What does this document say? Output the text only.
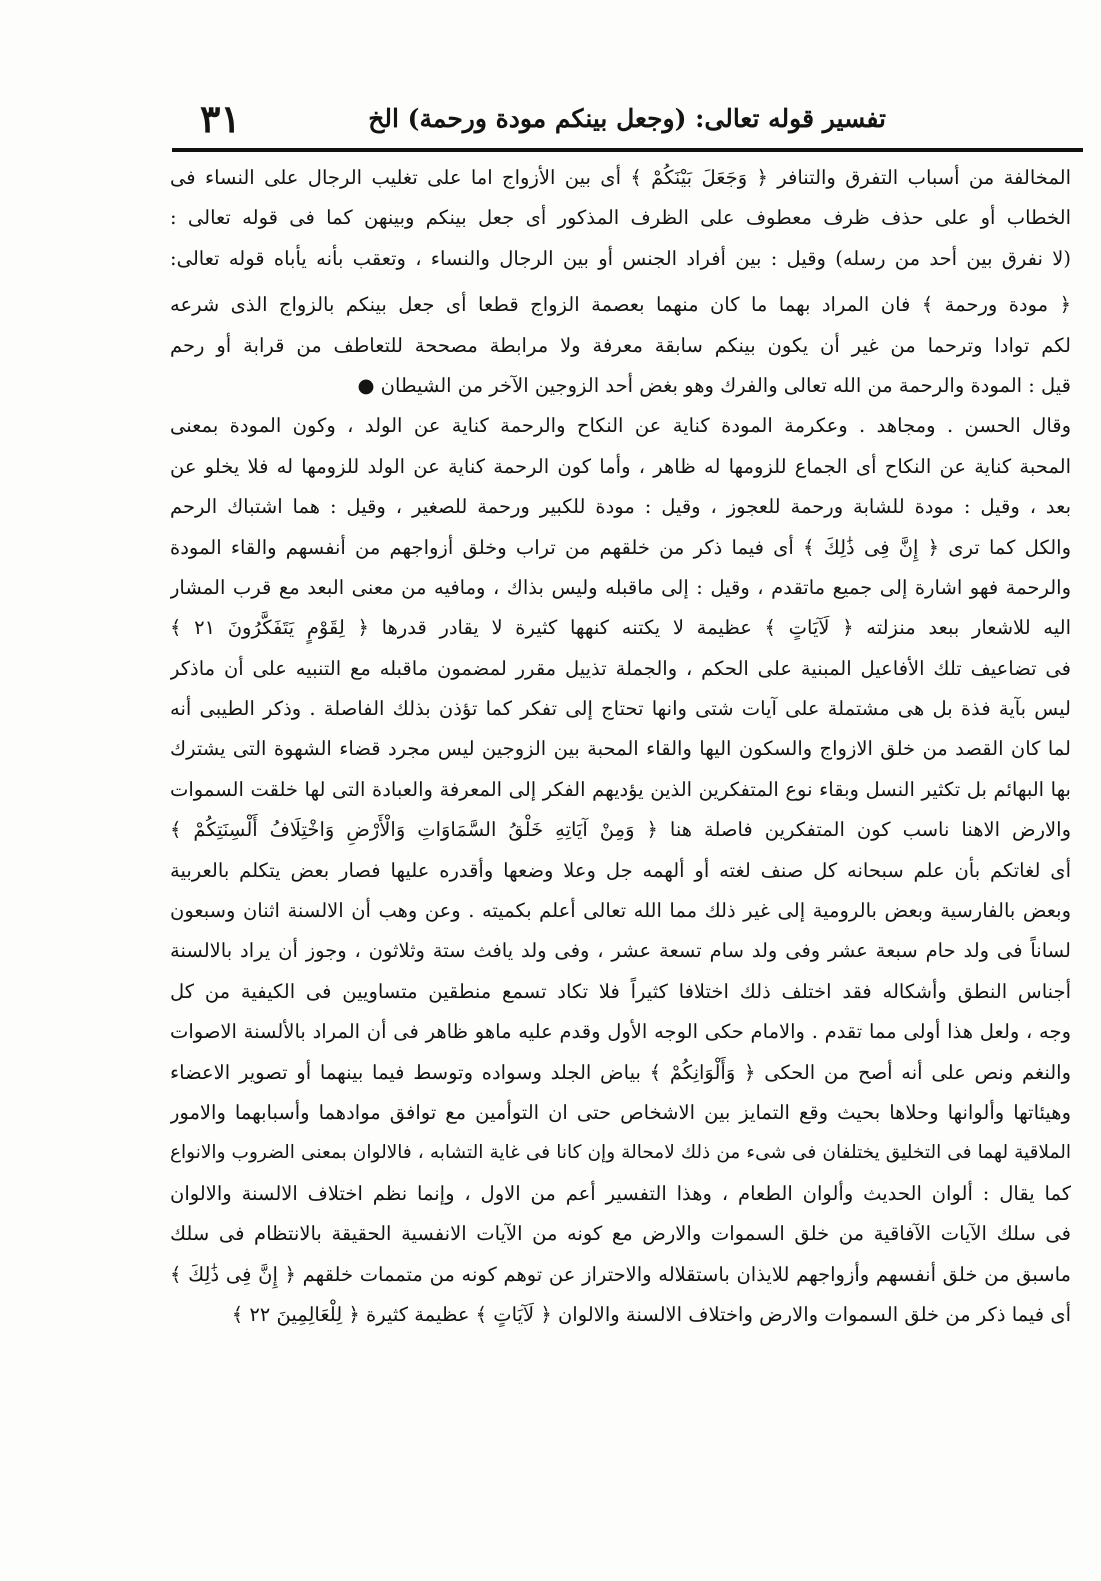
تفسير قوله تعالى: (وجعل بينكم مودة ورحمة) الخ
٣١
المخالفة من أسباب التفرق والتنافر ﴿ وَجَعَلَ بَيْنَكُمْ ﴾ أى بين الأزواج اما على تغليب الرجال على النساء فى
الخطاب أو على حذف ظرف معطوف على الظرف المذكور أى جعل بينكم وبينهن كما فى قوله تعالى :
(لا نفرق بين أحد من رسله) وقيل : بين أفراد الجنس أو بين الرجال والنساء ، وتعقب بأنه يأباه قوله تعالى:
﴿ مودة ورحمة ﴾ فان المراد بهما ما كان منهما بعصمة الزواج قطعا أى جعل بينكم بالزواج الذى شرعه
لكم توادا وترحما من غير أن يكون بينكم سابقة معرفة ولا مرابطة مصححة للتعاطف من قرابة أو رحم
قيل : المودة والرحمة من الله تعالى والفرك وهو بغض أحد الزوجين الآخر من الشيطان ●
وقال الحسن . ومجاهد . وعكرمة المودة كناية عن النكاح والرحمة كناية عن الولد ، وكون المودة بمعنى
المحبة كناية عن النكاح أى الجماع للزومها له ظاهر ، وأما كون الرحمة كناية عن الولد للزومها له فلا يخلو عن
بعد ، وقيل : مودة للشابة ورحمة للعجوز ، وقيل : مودة للكبير ورحمة للصغير ، وقيل : هما اشتباك الرحم
والكل كما ترى ﴿ إِنَّ فِى ذَٰلِكَ ﴾ أى فيما ذكر من خلقهم من تراب وخلق أزواجهم من أنفسهم والقاء المودة
والرحمة فهو اشارة إلى جميع ماتقدم ، وقيل : إلى ماقبله وليس بذاك ، ومافيه من معنى البعد مع قرب المشار
اليه للاشعار ببعد منزلته ﴿ لَآيَاتٍ ﴾ عظيمة لا يكتنه كنهها كثيرة لا يقادر قدرها ﴿ لِقَوْمٍ يَتَفَكَّرُونَ ٢١ ﴾
فى تضاعيف تلك الأفاعيل المبنية على الحكم ، والجملة تذييل مقرر لمضمون ماقبله مع التنبيه على أن ماذكر
ليس بآية فذة بل هى مشتملة على آيات شتى وانها تحتاج إلى تفكر كما تؤذن بذلك الفاصلة . وذكر الطيبى أنه
لما كان القصد من خلق الازواج والسكون اليها والقاء المحبة بين الزوجين ليس مجرد قضاء الشهوة التى يشترك
بها البهائم بل تكثير النسل وبقاء نوع المتفكرين الذين يؤديهم الفكر إلى المعرفة والعبادة التى لها خلقت السموات
والارض الاهنا ناسب كون المتفكرين فاصلة هنا ﴿ وَمِنْ آيَاتِهِ خَلْقُ السَّمَاوَاتِ وَالْأَرْضِ وَاخْتِلَافُ أَلْسِنَتِكُمْ ﴾
أى لغاتكم بأن علم سبحانه كل صنف لغته أو ألهمه جل وعلا وضعها وأقدره عليها فصار بعض يتكلم بالعربية
وبعض بالفارسية وبعض بالرومية إلى غير ذلك مما الله تعالى أعلم بكميته . وعن وهب أن الالسنة اثنان وسبعون
لساناً فى ولد حام سبعة عشر وفى ولد سام تسعة عشر ، وفى ولد يافث ستة وثلاثون ، وجوز أن يراد بالالسنة
أجناس النطق وأشكاله فقد اختلف ذلك اختلافا كثيراً فلا تكاد تسمع منطقين متساويين فى الكيفية من كل
وجه ، ولعل هذا أولى مما تقدم . والامام حكى الوجه الأول وقدم عليه ماهو ظاهر فى أن المراد بالألسنة الاصوات
والنغم ونص على أنه أصح من الحكى ﴿ وَأَلْوَانِكُمْ ﴾ بياض الجلد وسواده وتوسط فيما بينهما أو تصوير الاعضاء
وهيئاتها وألوانها وحلاها بحيث وقع التمايز بين الاشخاص حتى ان التوأمين مع توافق موادهما وأسبابهما والامور
الملاقية لهما فى التخليق يختلفان فى شىء من ذلك لامحالة وإن كانا فى غاية التشابه ، فالالوان بمعنى الضروب والانواع
كما يقال : ألوان الحديث وألوان الطعام ، وهذا التفسير أعم من الاول ، وإنما نظم اختلاف الالسنة والالوان
فى سلك الآيات الآفاقية من خلق السموات والارض مع كونه من الآيات الانفسية الحقيقة بالانتظام فى سلك
ماسبق من خلق أنفسهم وأزواجهم للايذان باستقلاله والاحتراز عن توهم كونه من متممات خلقهم ﴿ إِنَّ فِى ذَٰلِكَ ﴾
أى فيما ذكر من خلق السموات والارض واختلاف الالسنة والالوان ﴿ لَآيَاتٍ ﴾ عظيمة كثيرة ﴿ لِلْعَالِمِينَ ٢٢ ﴾
